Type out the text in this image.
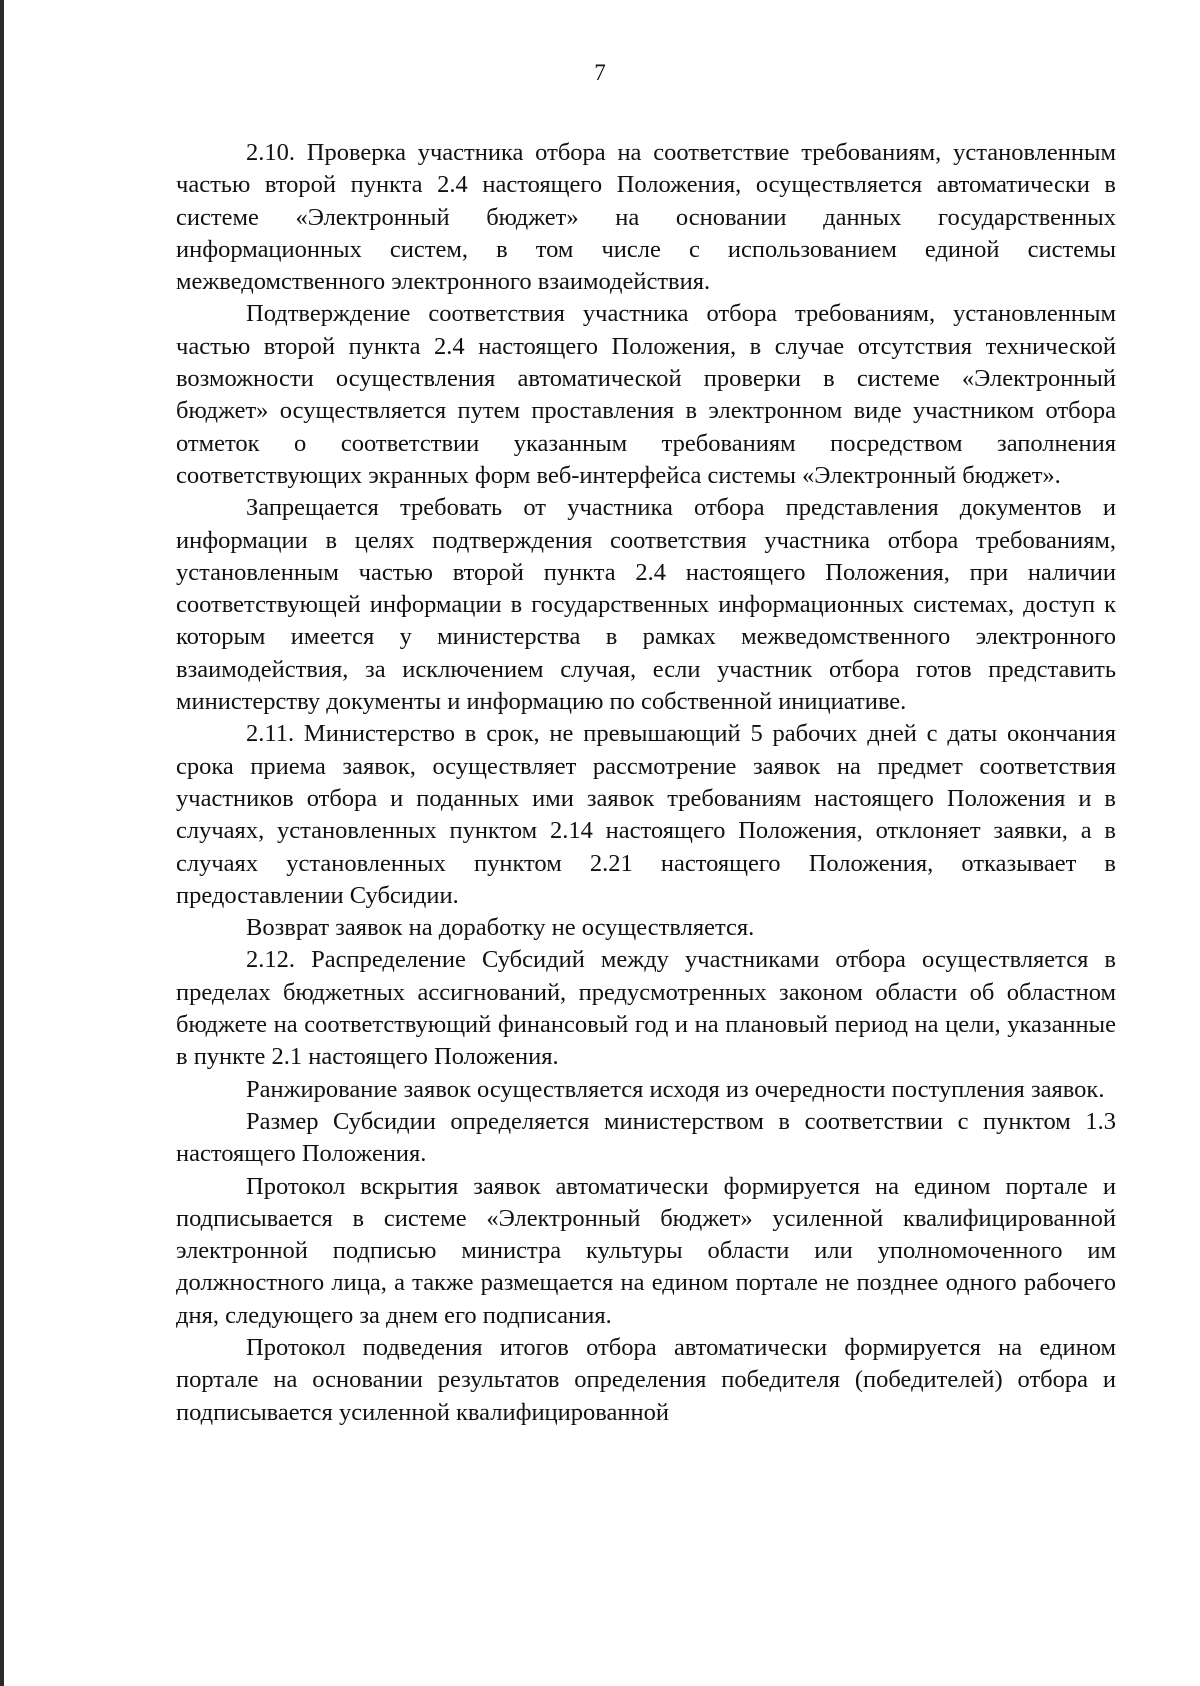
7

2.10. Проверка участника отбора на соответствие требованиям, установленным частью второй пункта 2.4 настоящего Положения, осуществляется автоматически в системе «Электронный бюджет» на основании данных государственных информационных систем, в том числе с использованием единой системы межведомственного электронного взаимодействия.

Подтверждение соответствия участника отбора требованиям, установленным частью второй пункта 2.4 настоящего Положения, в случае отсутствия технической возможности осуществления автоматической проверки в системе «Электронный бюджет» осуществляется путем проставления в электронном виде участником отбора отметок о соответствии указанным требованиям посредством заполнения соответствующих экранных форм веб-интерфейса системы «Электронный бюджет».

Запрещается требовать от участника отбора представления документов и информации в целях подтверждения соответствия участника отбора требованиям, установленным частью второй пункта 2.4 настоящего Положения, при наличии соответствующей информации в государственных информационных системах, доступ к которым имеется у министерства в рамках межведомственного электронного взаимодействия, за исключением случая, если участник отбора готов представить министерству документы и информацию по собственной инициативе.

2.11. Министерство в срок, не превышающий 5 рабочих дней с даты окончания срока приема заявок, осуществляет рассмотрение заявок на предмет соответствия участников отбора и поданных ими заявок требованиям настоящего Положения и в случаях, установленных пунктом 2.14 настоящего Положения, отклоняет заявки, а в случаях установленных пунктом 2.21 настоящего Положения, отказывает в предоставлении Субсидии.

Возврат заявок на доработку не осуществляется.

2.12. Распределение Субсидий между участниками отбора осуществляется в пределах бюджетных ассигнований, предусмотренных законом области об областном бюджете на соответствующий финансовый год и на плановый период на цели, указанные в пункте 2.1 настоящего Положения.

Ранжирование заявок осуществляется исходя из очередности поступления заявок.

Размер Субсидии определяется министерством в соответствии с пунктом 1.3 настоящего Положения.

Протокол вскрытия заявок автоматически формируется на едином портале и подписывается в системе «Электронный бюджет» усиленной квалифицированной электронной подписью министра культуры области или уполномоченного им должностного лица, а также размещается на едином портале не позднее одного рабочего дня, следующего за днем его подписания.

Протокол подведения итогов отбора автоматически формируется на едином портале на основании результатов определения победителя (победителей) отбора и подписывается усиленной квалифицированной
